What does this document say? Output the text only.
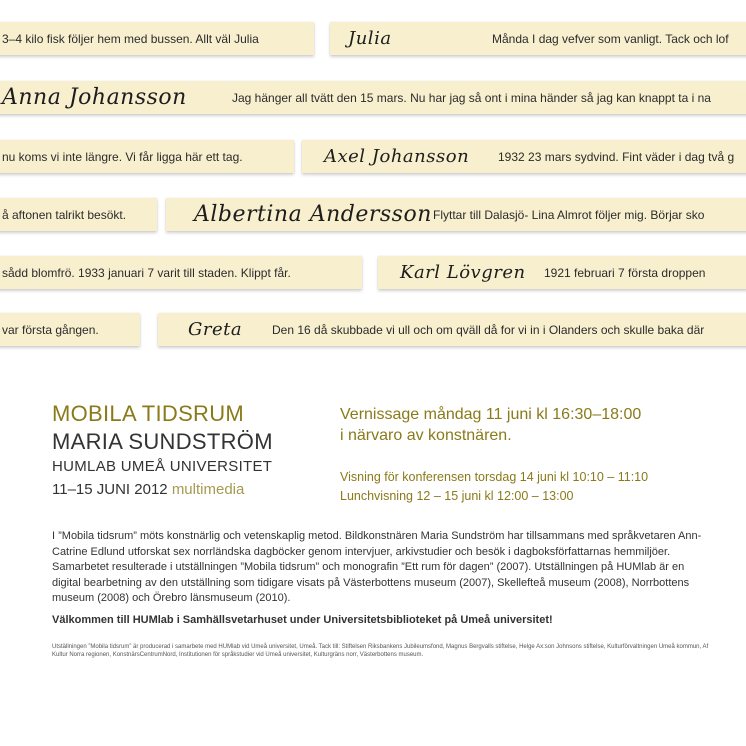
3–4 kilo fisk följer hem med bussen. Allt väl Julia	Julia	Månda I dag vefver som vanligt. Tack och lof
Anna Johansson	Jag hänger all tvätt den 15 mars. Nu har jag så ont i mina händer så jag kan knappt ta i na
nu koms vi inte längre. Vi får ligga här ett tag.	Axel Johansson	1932 23 mars sydvind. Fint väder i dag två g
å aftonen talrikt besökt.	Albertina Andersson Flyttar till Dalasjö- Lina Almrot följer mig. Börjar sko
sådd blomfrö. 1933 januari 7 varit till staden. Klippt får.	Karl Lövgren	1921 februari 7 första droppen
var första gången.	Greta	Den 16 då skubbade vi ull och om qväll då for vi in i Olanders och skulle baka där
MOBILA TIDSRUM
MARIA SUNDSTRÖM
HUMLAB UMEÅ UNIVERSITET
11–15 JUNI 2012 multimedia
Vernissage måndag 11 juni kl 16:30–18:00
i närvaro av konstnären.
Visning för konferensen torsdag 14 juni kl 10:10 – 11:10
Lunchvisning 12 – 15 juni kl 12:00 – 13:00
I ”Mobila tidsrum” möts konstnärlig och vetenskaplig metod. Bildkonstnären Maria Sundström har tillsammans med språkvetaren Ann-Catrine Edlund utforskat sex norrländska dagböcker genom intervjuer, arkivstudier och besök i dagboksförfattarnas hemmiljöer. Samarbetet resulterade i utställningen ”Mobila tidsrum” och monografin ”Ett rum för dagen” (2007). Utställningen på HUMlab är en digital bearbetning av den utställning som tidigare visats på Västerbottens museum (2007), Skellefteå museum (2008), Norrbottens museum (2008) och Örebro länsmuseum (2010).
Välkommen till HUMlab i Samhällsvetarhuset under Universitetsbiblioteket på Umeå universitet!
Utställningen ”Mobila tidsrum” är producerad i samarbete med HUMlab vid Umeå universitet, Umeå. Tack till: Stiftelsen Riksbankens Jubileumsfond, Magnus Bergvalls stiftelse, Helge Ax:son Johnsons stiftelse, Kulturförvaltningen Umeå kommun, Af Kultur Norra regionen, KonstnärsCentrumNord, Institutionen för språkstudier vid Umeå universitet, Kulturgräns norr, Västerbottens museum.
